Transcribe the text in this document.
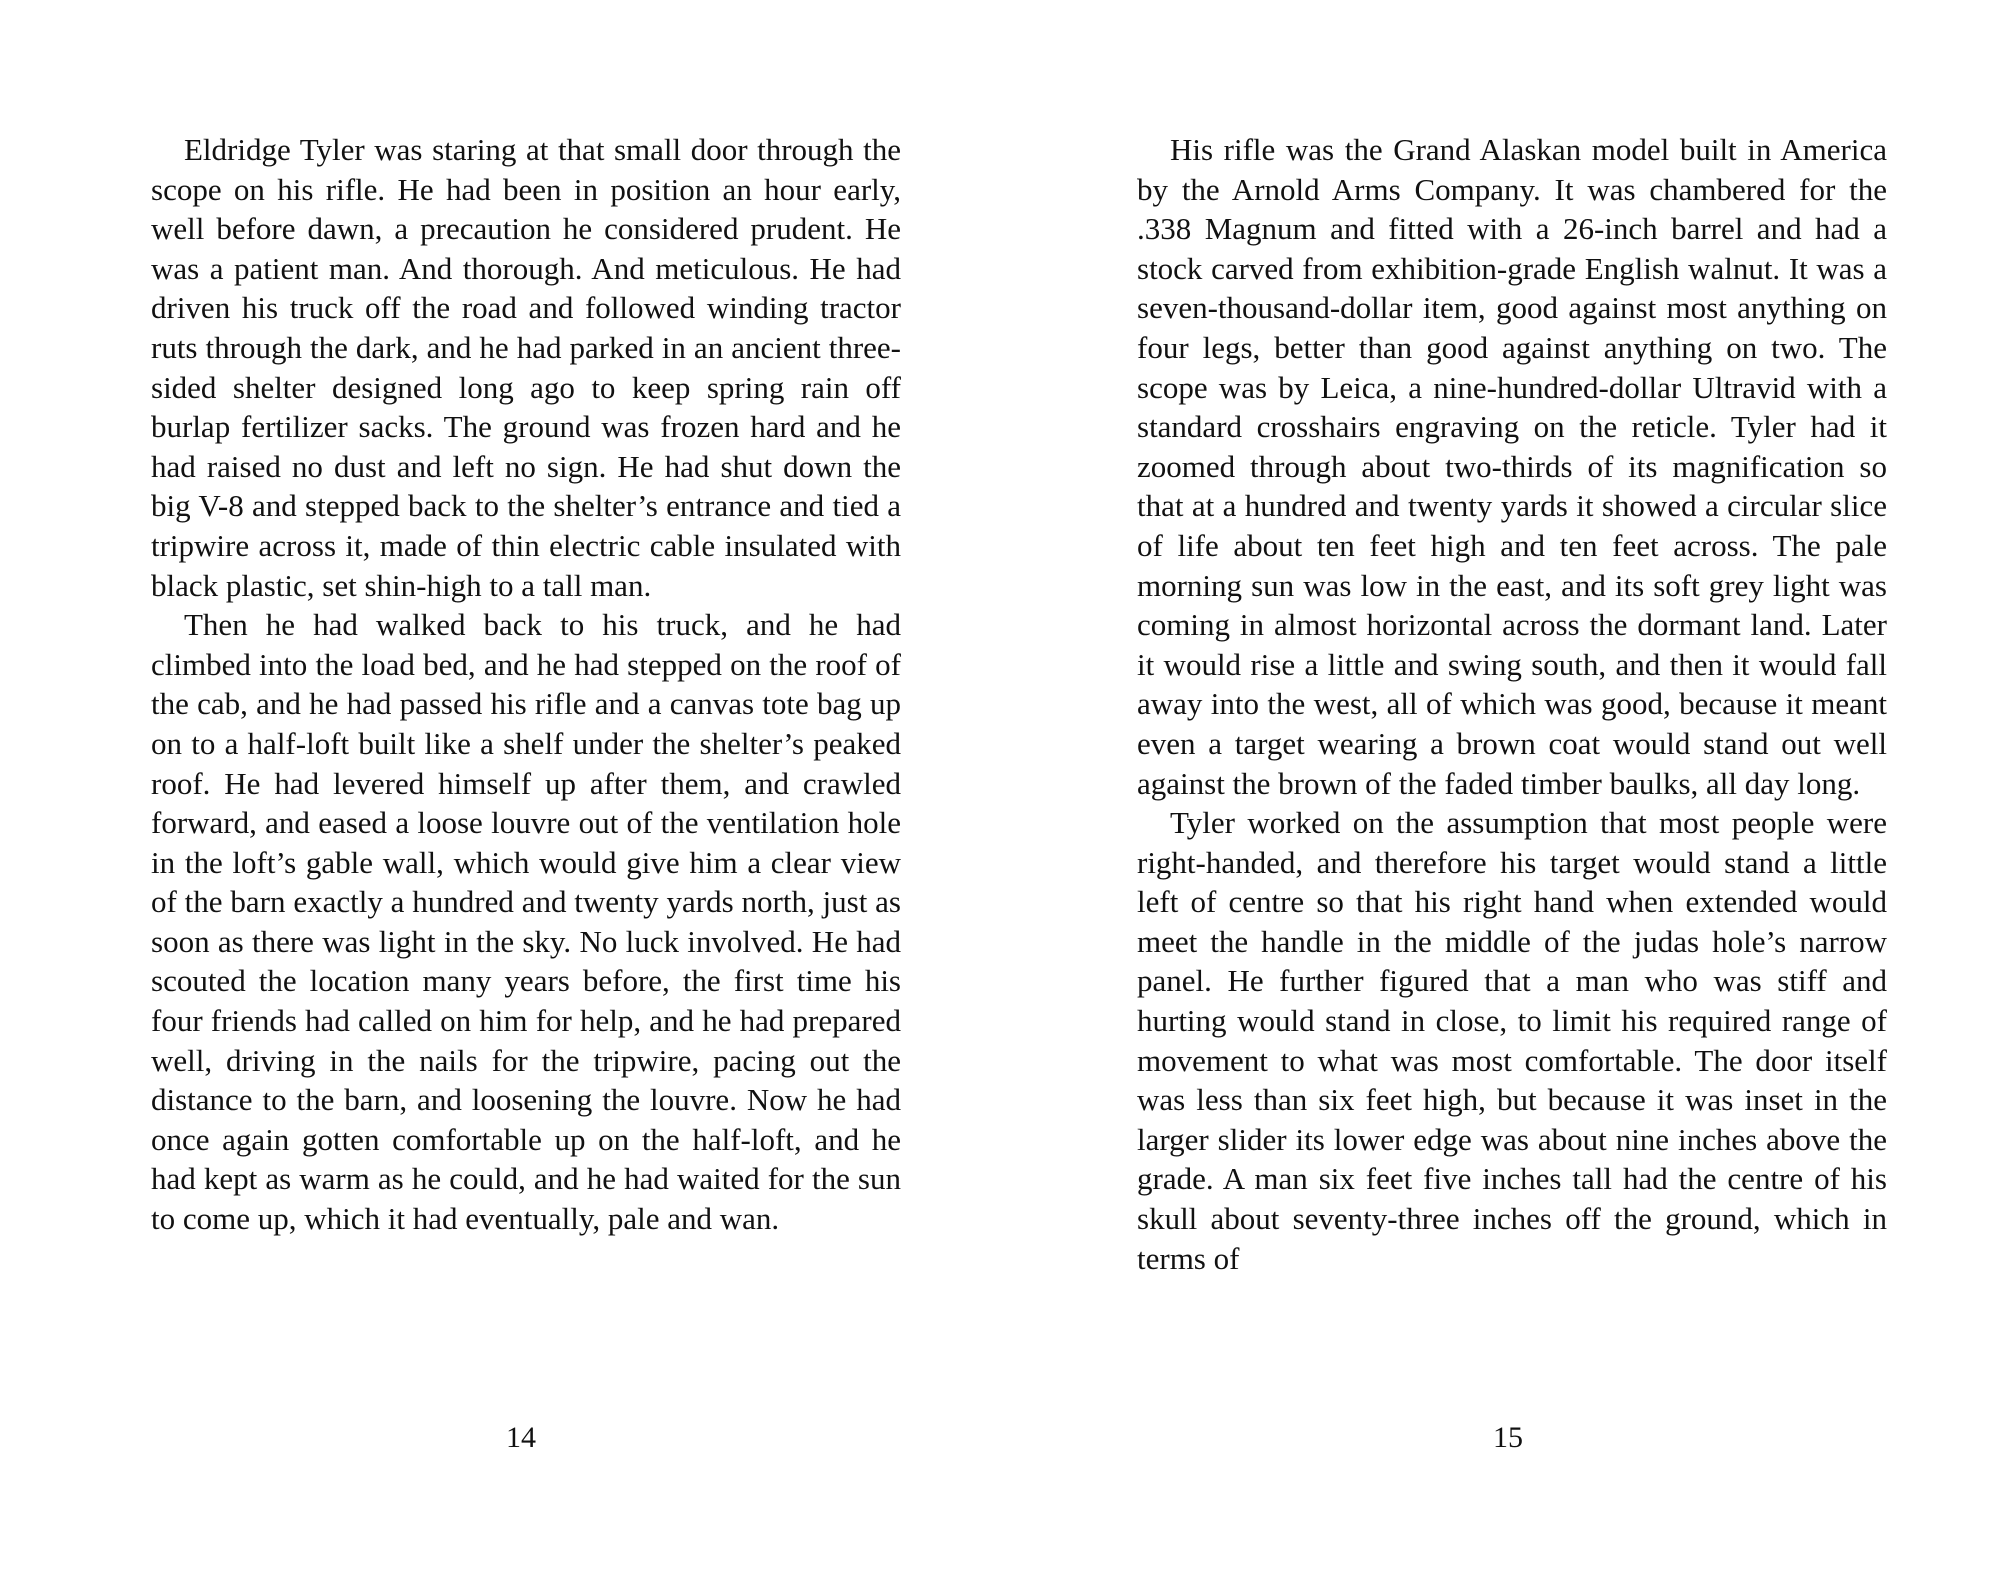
Eldridge Tyler was staring at that small door through the scope on his rifle. He had been in position an hour early, well before dawn, a precaution he considered prudent. He was a patient man. And thorough. And meticulous. He had driven his truck off the road and followed winding tractor ruts through the dark, and he had parked in an ancient three-sided shelter designed long ago to keep spring rain off burlap fertilizer sacks. The ground was frozen hard and he had raised no dust and left no sign. He had shut down the big V-8 and stepped back to the shelter’s entrance and tied a tripwire across it, made of thin electric cable insulated with black plastic, set shin-high to a tall man.

Then he had walked back to his truck, and he had climbed into the load bed, and he had stepped on the roof of the cab, and he had passed his rifle and a canvas tote bag up on to a half-loft built like a shelf under the shelter’s peaked roof. He had levered himself up after them, and crawled forward, and eased a loose louvre out of the ventilation hole in the loft’s gable wall, which would give him a clear view of the barn exactly a hundred and twenty yards north, just as soon as there was light in the sky. No luck involved. He had scouted the location many years before, the first time his four friends had called on him for help, and he had prepared well, driving in the nails for the tripwire, pacing out the distance to the barn, and loosening the louvre. Now he had once again gotten comfortable up on the half-loft, and he had kept as warm as he could, and he had waited for the sun to come up, which it had eventually, pale and wan.

14

His rifle was the Grand Alaskan model built in America by the Arnold Arms Company. It was chambered for the .338 Magnum and fitted with a 26-inch barrel and had a stock carved from exhibition-grade English walnut. It was a seven-thousand-dollar item, good against most anything on four legs, better than good against anything on two. The scope was by Leica, a nine-hundred-dollar Ultravid with a standard crosshairs engraving on the reticle. Tyler had it zoomed through about two-thirds of its magnification so that at a hundred and twenty yards it showed a circular slice of life about ten feet high and ten feet across. The pale morning sun was low in the east, and its soft grey light was coming in almost horizontal across the dormant land. Later it would rise a little and swing south, and then it would fall away into the west, all of which was good, because it meant even a target wearing a brown coat would stand out well against the brown of the faded timber baulks, all day long.

Tyler worked on the assumption that most people were right-handed, and therefore his target would stand a little left of centre so that his right hand when extended would meet the handle in the middle of the judas hole’s narrow panel. He further figured that a man who was stiff and hurting would stand in close, to limit his required range of movement to what was most comfortable. The door itself was less than six feet high, but because it was inset in the larger slider its lower edge was about nine inches above the grade. A man six feet five inches tall had the centre of his skull about seventy-three inches off the ground, which in terms of

15
